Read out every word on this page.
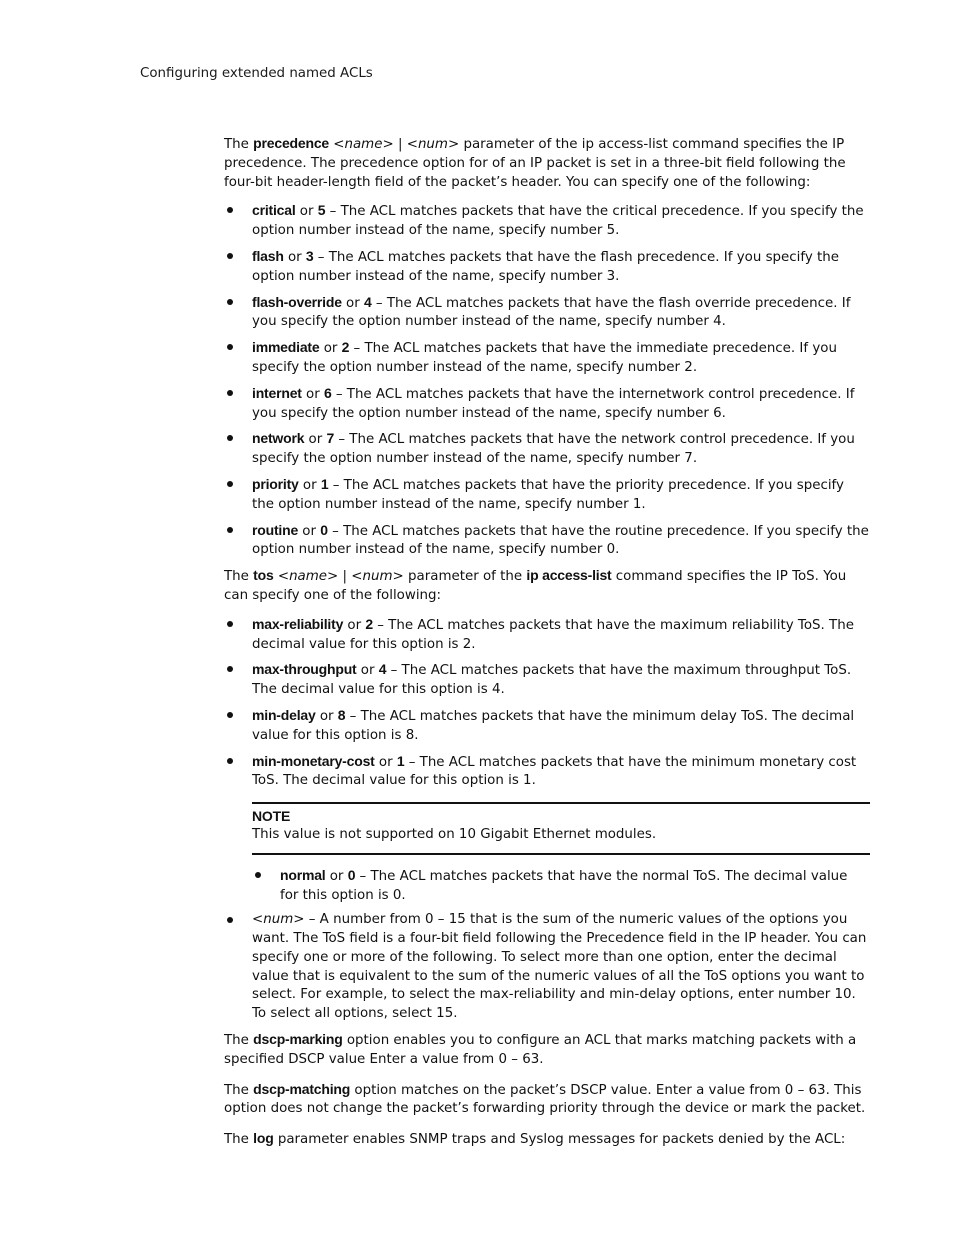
Configuring extended named ACLs

The precedence <name> | <num> parameter of the ip access-list command specifies the IP precedence. The precedence option for of an IP packet is set in a three-bit field following the four-bit header-length field of the packet’s header. You can specify one of the following:

critical or 5 – The ACL matches packets that have the critical precedence. If you specify the option number instead of the name, specify number 5.
flash or 3 – The ACL matches packets that have the flash precedence. If you specify the option number instead of the name, specify number 3.
flash-override or 4 – The ACL matches packets that have the flash override precedence. If you specify the option number instead of the name, specify number 4.
immediate or 2 – The ACL matches packets that have the immediate precedence. If you specify the option number instead of the name, specify number 2.
internet or 6 – The ACL matches packets that have the internetwork control precedence. If you specify the option number instead of the name, specify number 6.
network or 7 – The ACL matches packets that have the network control precedence. If you specify the option number instead of the name, specify number 7.
priority or 1 – The ACL matches packets that have the priority precedence. If you specify the option number instead of the name, specify number 1.
routine or 0 – The ACL matches packets that have the routine precedence. If you specify the option number instead of the name, specify number 0.

The tos <name> | <num> parameter of the ip access-list command specifies the IP ToS. You can specify one of the following:

max-reliability or 2 – The ACL matches packets that have the maximum reliability ToS. The decimal value for this option is 2.
max-throughput or 4 – The ACL matches packets that have the maximum throughput ToS. The decimal value for this option is 4.
min-delay or 8 – The ACL matches packets that have the minimum delay ToS. The decimal value for this option is 8.
min-monetary-cost or 1 – The ACL matches packets that have the minimum monetary cost ToS. The decimal value for this option is 1.
NOTE
This value is not supported on 10 Gigabit Ethernet modules.
normal or 0 – The ACL matches packets that have the normal ToS. The decimal value for this option is 0.
<num> – A number from 0 – 15 that is the sum of the numeric values of the options you want. The ToS field is a four-bit field following the Precedence field in the IP header. You can specify one or more of the following. To select more than one option, enter the decimal value that is equivalent to the sum of the numeric values of all the ToS options you want to select. For example, to select the max-reliability and min-delay options, enter number 10. To select all options, select 15.

The dscp-marking option enables you to configure an ACL that marks matching packets with a specified DSCP value Enter a value from 0 – 63.

The dscp-matching option matches on the packet’s DSCP value. Enter a value from 0 – 63. This option does not change the packet’s forwarding priority through the device or mark the packet.

The log parameter enables SNMP traps and Syslog messages for packets denied by the ACL:
